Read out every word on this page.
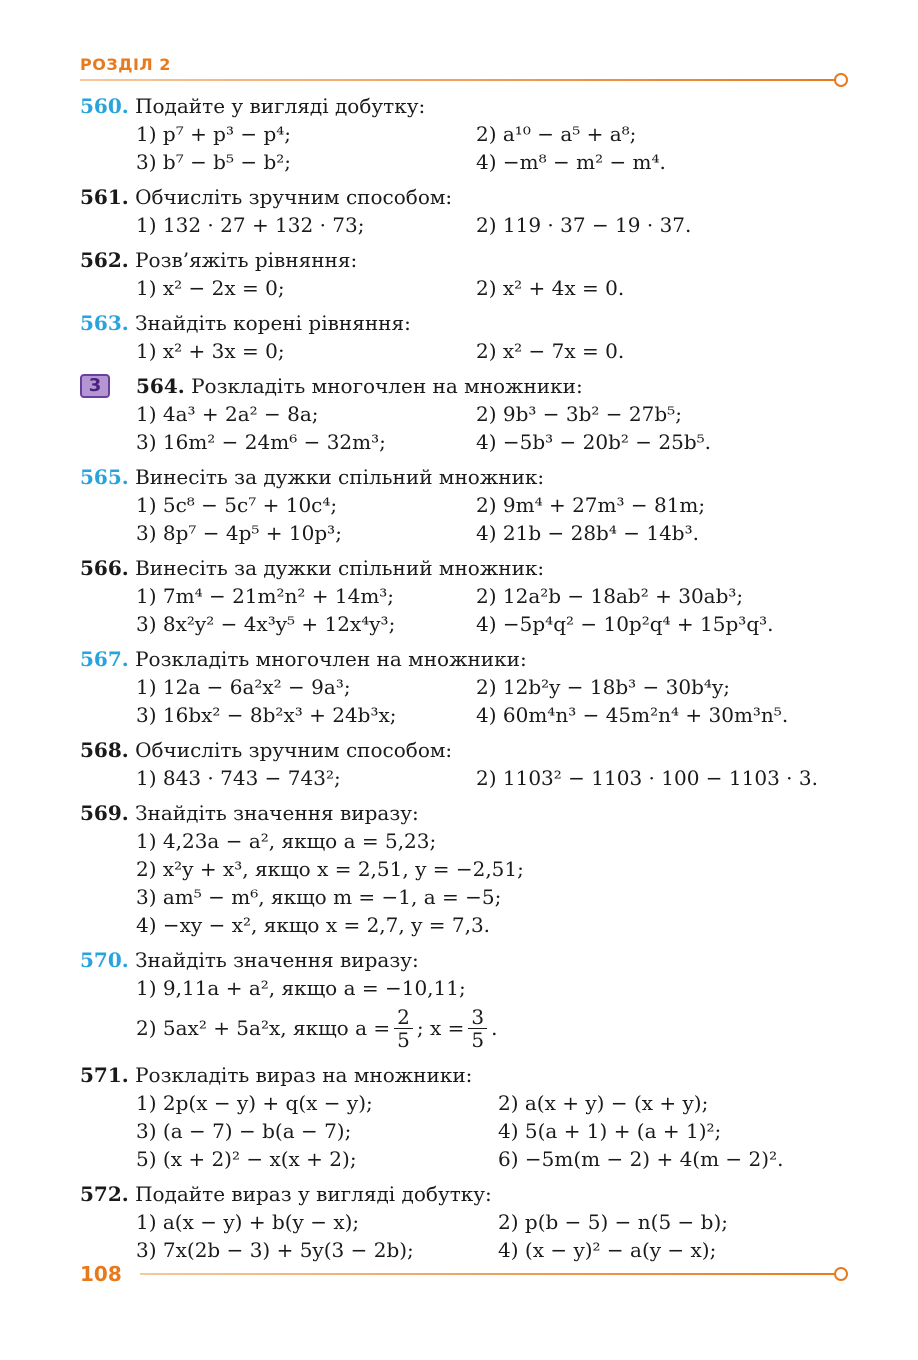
РОЗДІЛ 2
560. Подайте у вигляді добутку:
1) p⁷ + p³ − p⁴;	2) a¹⁰ − a⁵ + a⁸;
3) b⁷ − b⁵ − b²;	4) −m⁸ − m² − m⁴.
561. Обчисліть зручним способом:
1) 132 · 27 + 132 · 73;	2) 119 · 37 − 19 · 37.
562. Розв’яжіть рівняння:
1) x² − 2x = 0;	2) x² + 4x = 0.
563. Знайдіть корені рівняння:
1) x² + 3x = 0;	2) x² − 7x = 0.
3	564. Розкладіть многочлен на множники:
1) 4a³ + 2a² − 8a;	2) 9b³ − 3b² − 27b⁵;
3) 16m² − 24m⁶ − 32m³;	4) −5b³ − 20b² − 25b⁵.
565. Винесіть за дужки спільний множник:
1) 5c⁸ − 5c⁷ + 10c⁴;	2) 9m⁴ + 27m³ − 81m;
3) 8p⁷ − 4p⁵ + 10p³;	4) 21b − 28b⁴ − 14b³.
566. Винесіть за дужки спільний множник:
1) 7m⁴ − 21m²n² + 14m³;	2) 12a²b − 18ab² + 30ab³;
3) 8x²y² − 4x³y⁵ + 12x⁴y³;	4) −5p⁴q² − 10p²q⁴ + 15p³q³.
567. Розкладіть многочлен на множники:
1) 12a − 6a²x² − 9a³;	2) 12b²y − 18b³ − 30b⁴y;
3) 16bx² − 8b²x³ + 24b³x;	4) 60m⁴n³ − 45m²n⁴ + 30m³n⁵.
568. Обчисліть зручним способом:
1) 843 · 743 − 743²;	2) 1103² − 1103 · 100 − 1103 · 3.
569. Знайдіть значення виразу:
1) 4,23a − a², якщо a = 5,23;
2) x²y + x³, якщо x = 2,51, y = −2,51;
3) am⁵ − m⁶, якщо m = −1, a = −5;
4) −xy − x², якщо x = 2,7, y = 7,3.
570. Знайдіть значення виразу:
1) 9,11a + a², якщо a = −10,11;
2) 5ax² + 5a²x, якщо $a = \frac{2}{5}$ ; $x = \frac{3}{5}$ .
571. Розкладіть вираз на множники:
1) 2p(x − y) + q(x − y);	2) a(x + y) − (x + y);
3) (a − 7) − b(a − 7);	4) 5(a + 1) + (a + 1)²;
5) (x + 2)² − x(x + 2);	6) −5m(m − 2) + 4(m − 2)².
572. Подайте вираз у вигляді добутку:
1) a(x − y) + b(y − x);	2) p(b − 5) − n(5 − b);
3) 7x(2b − 3) + 5y(3 − 2b);	4) (x − y)² − a(y − x);
108
